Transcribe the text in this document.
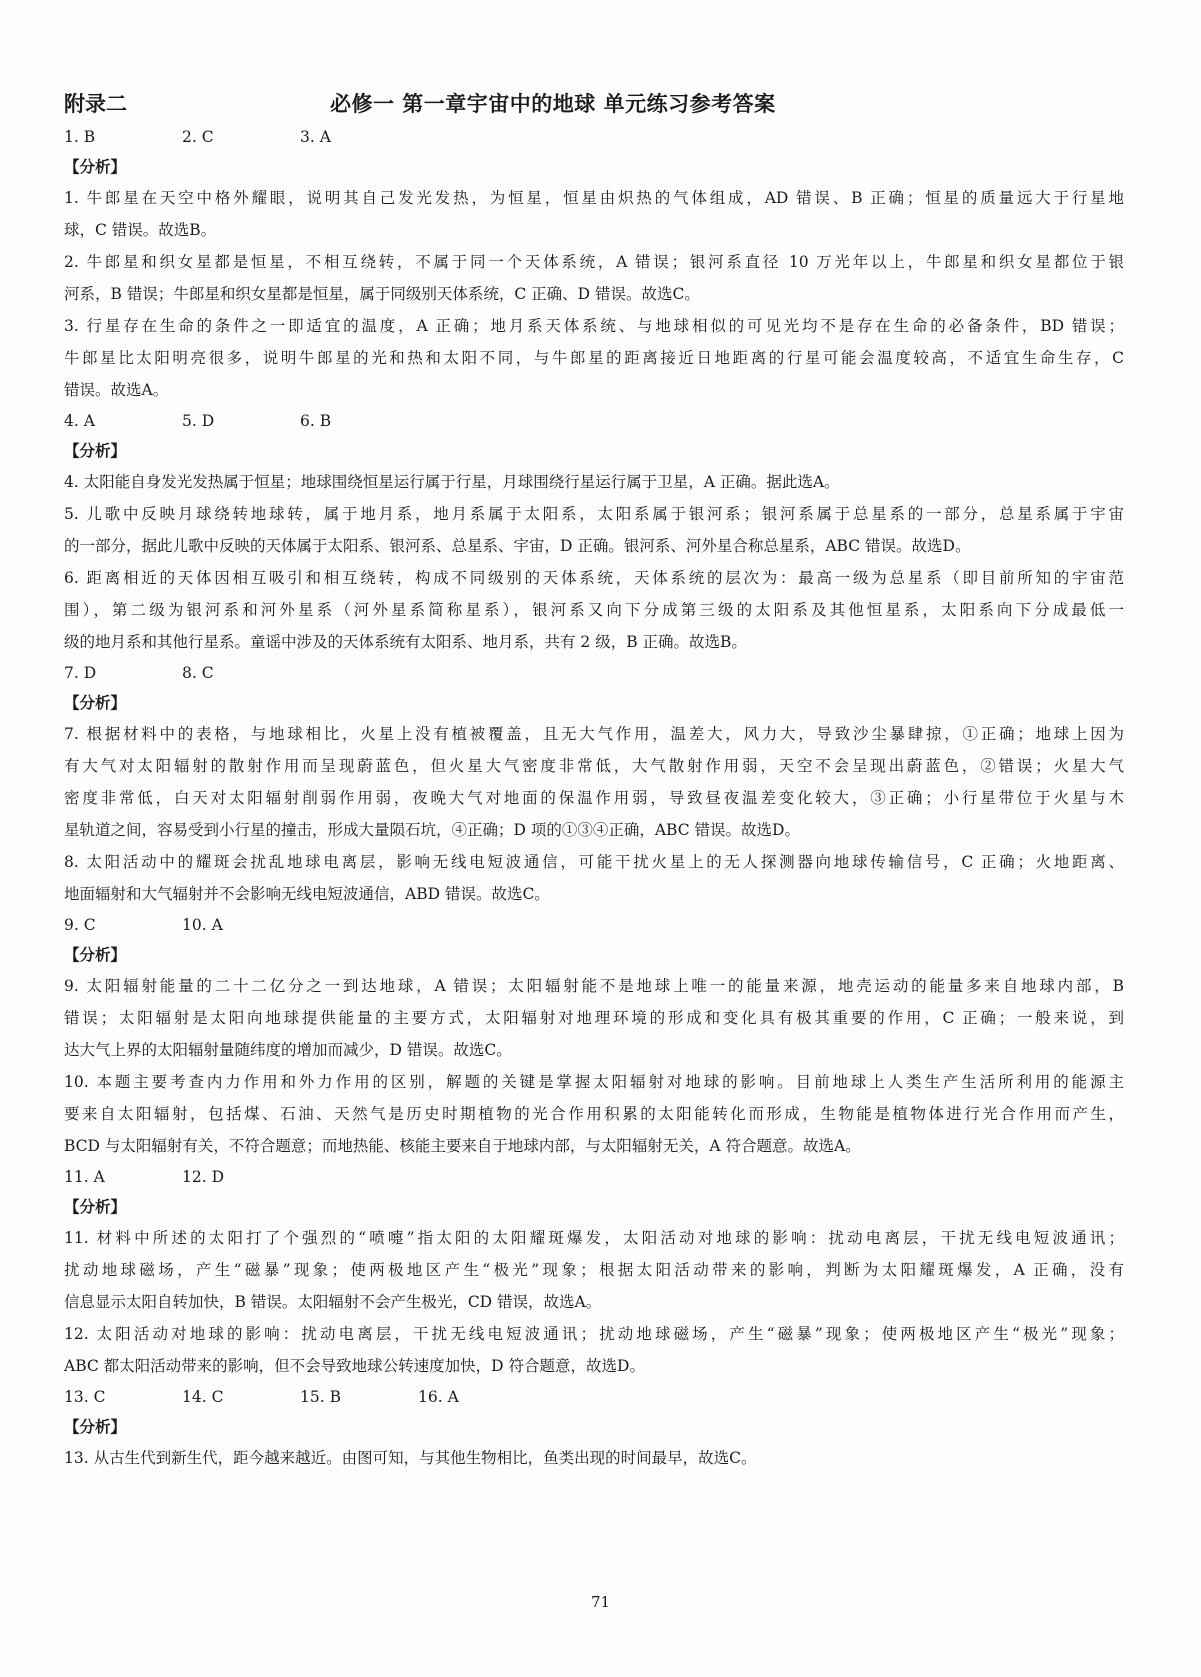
附录二	必修一 第一章宇宙中的地球 单元练习参考答案
1. B	2. C	3. A
【分析】
1. 牛郎星在天空中格外耀眼，说明其自己发光发热，为恒星，恒星由炽热的气体组成，AD 错误、B 正确；恒星的质量远大于行星地
球，C 错误。故选B。
2. 牛郎星和织女星都是恒星，不相互绕转，不属于同一个天体系统，A 错误；银河系直径 10 万光年以上，牛郎星和织女星都位于银
河系，B 错误；牛郎星和织女星都是恒星，属于同级别天体系统，C 正确、D 错误。故选C。
3. 行星存在生命的条件之一即适宜的温度，A 正确；地月系天体系统、与地球相似的可见光均不是存在生命的必备条件，BD 错误；
牛郎星比太阳明亮很多，说明牛郎星的光和热和太阳不同，与牛郎星的距离接近日地距离的行星可能会温度较高，不适宜生命生存，C
错误。故选A。
4. A	5. D	6. B
【分析】
4. 太阳能自身发光发热属于恒星；地球围绕恒星运行属于行星，月球围绕行星运行属于卫星，A 正确。据此选A。
5. 儿歌中反映月球绕转地球转，属于地月系，地月系属于太阳系，太阳系属于银河系；银河系属于总星系的一部分，总星系属于宇宙
的一部分，据此儿歌中反映的天体属于太阳系、银河系、总星系、宇宙，D 正确。银河系、河外星合称总星系，ABC 错误。故选D。
6. 距离相近的天体因相互吸引和相互绕转，构成不同级别的天体系统，天体系统的层次为：最高一级为总星系（即目前所知的宇宙范
围），第二级为银河系和河外星系（河外星系简称星系），银河系又向下分成第三级的太阳系及其他恒星系，太阳系向下分成最低一
级的地月系和其他行星系。童谣中涉及的天体系统有太阳系、地月系，共有 2 级，B 正确。故选B。
7. D	8. C
【分析】
7. 根据材料中的表格，与地球相比，火星上没有植被覆盖，且无大气作用，温差大，风力大，导致沙尘暴肆掠，①正确；地球上因为
有大气对太阳辐射的散射作用而呈现蔚蓝色，但火星大气密度非常低，大气散射作用弱，天空不会呈现出蔚蓝色，②错误；火星大气
密度非常低，白天对太阳辐射削弱作用弱，夜晚大气对地面的保温作用弱，导致昼夜温差变化较大，③正确；小行星带位于火星与木
星轨道之间，容易受到小行星的撞击，形成大量陨石坑，④正确；D 项的①③④正确，ABC 错误。故选D。
8. 太阳活动中的耀斑会扰乱地球电离层，影响无线电短波通信，可能干扰火星上的无人探测器向地球传输信号，C 正确；火地距离、
地面辐射和大气辐射并不会影响无线电短波通信，ABD 错误。故选C。
9. C	10. A
【分析】
9. 太阳辐射能量的二十二亿分之一到达地球，A 错误；太阳辐射能不是地球上唯一的能量来源，地壳运动的能量多来自地球内部，B
错误；太阳辐射是太阳向地球提供能量的主要方式，太阳辐射对地理环境的形成和变化具有极其重要的作用，C 正确；一般来说，到
达大气上界的太阳辐射量随纬度的增加而减少，D 错误。故选C。
10. 本题主要考查内力作用和外力作用的区别，解题的关键是掌握太阳辐射对地球的影响。目前地球上人类生产生活所利用的能源主
要来自太阳辐射，包括煤、石油、天然气是历史时期植物的光合作用积累的太阳能转化而形成，生物能是植物体进行光合作用而产生，
BCD 与太阳辐射有关，不符合题意；而地热能、核能主要来自于地球内部，与太阳辐射无关，A 符合题意。故选A。
11. A	12. D
【分析】
11. 材料中所述的太阳打了个强烈的“喷嚏”指太阳的太阳耀斑爆发，太阳活动对地球的影响：扰动电离层，干扰无线电短波通讯；
扰动地球磁场，产生“磁暴”现象；使两极地区产生“极光”现象；根据太阳活动带来的影响，判断为太阳耀斑爆发，A 正确，没有
信息显示太阳自转加快，B 错误。太阳辐射不会产生极光，CD 错误，故选A。
12. 太阳活动对地球的影响：扰动电离层，干扰无线电短波通讯；扰动地球磁场，产生“磁暴”现象；使两极地区产生“极光”现象；
ABC 都太阳活动带来的影响，但不会导致地球公转速度加快，D 符合题意，故选D。
13. C	14. C	15. B	16. A
【分析】
13. 从古生代到新生代，距今越来越近。由图可知，与其他生物相比，鱼类出现的时间最早，故选C。
71
